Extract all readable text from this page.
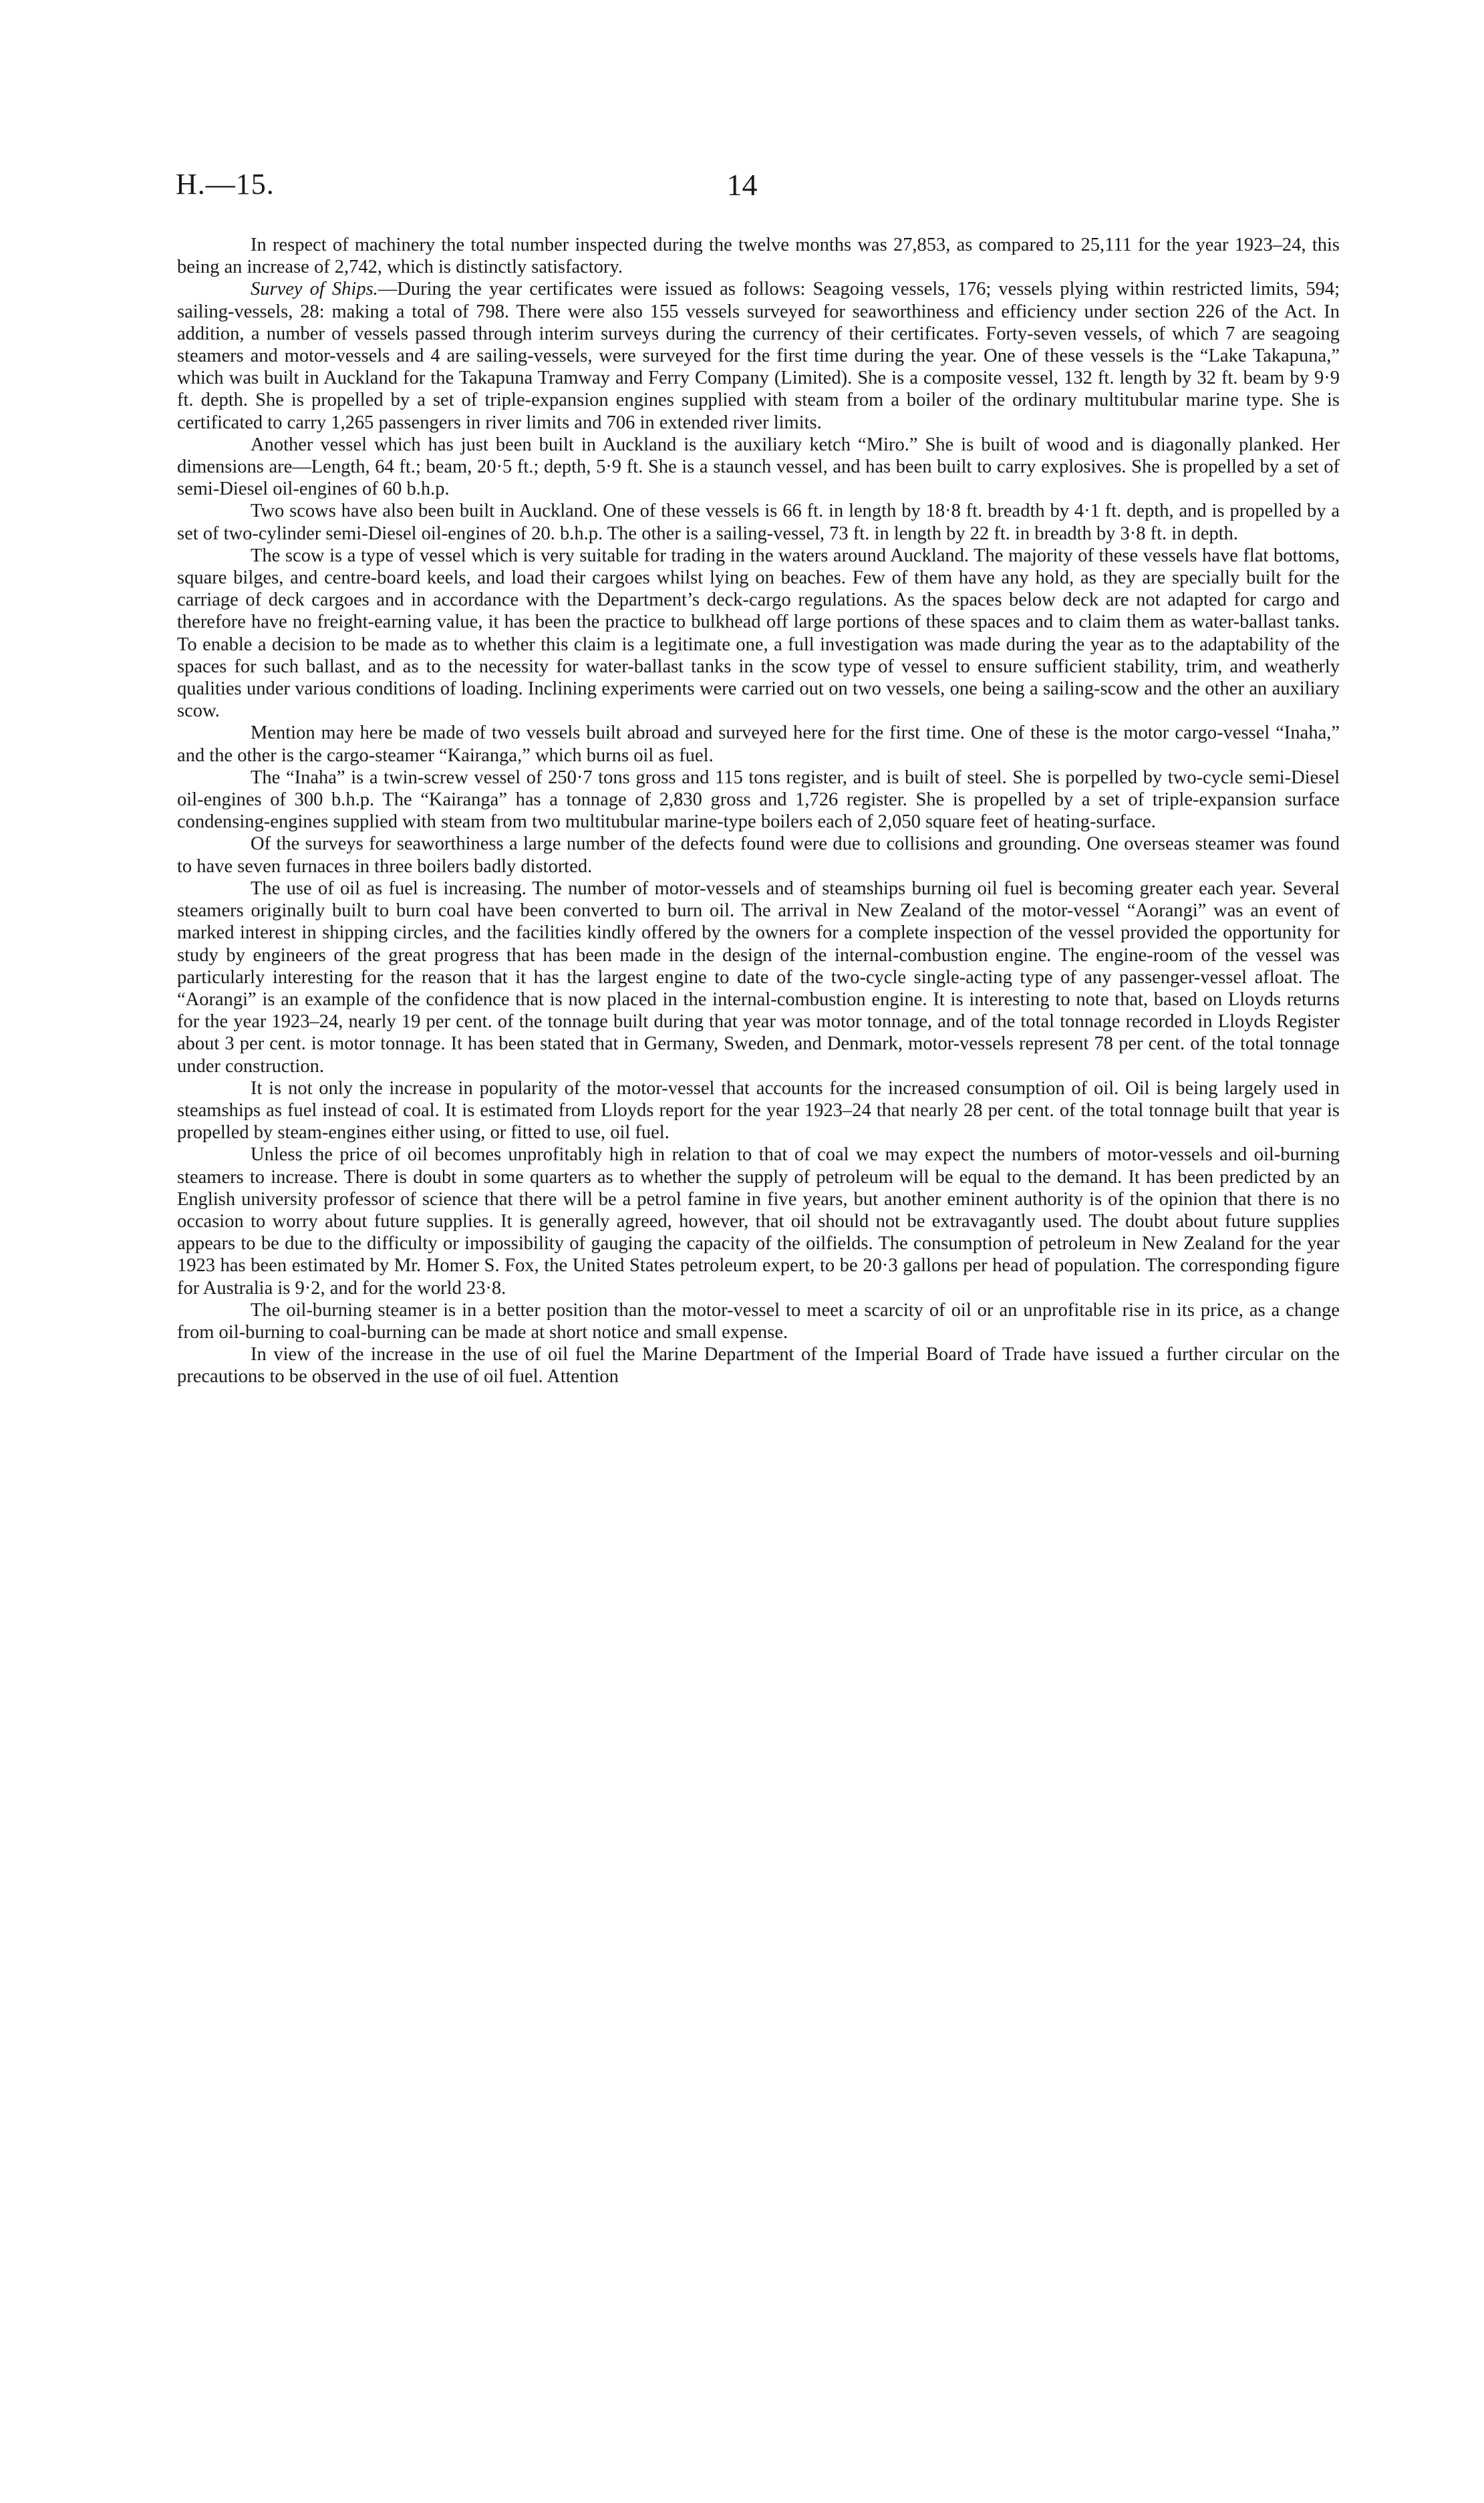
H.—15.	14

In respect of machinery the total number inspected during the twelve months was 27,853, as compared to 25,111 for the year 1923–24, this being an increase of 2,742, which is distinctly satisfactory.

Survey of Ships.—During the year certificates were issued as follows: Seagoing vessels, 176; vessels plying within restricted limits, 594; sailing-vessels, 28: making a total of 798. There were also 155 vessels surveyed for seaworthiness and efficiency under section 226 of the Act. In addition, a number of vessels passed through interim surveys during the currency of their certificates. Forty-seven vessels, of which 7 are seagoing steamers and motor-vessels and 4 are sailing-vessels, were surveyed for the first time during the year. One of these vessels is the “Lake Takapuna,” which was built in Auckland for the Takapuna Tramway and Ferry Company (Limited). She is a composite vessel, 132 ft. length by 32 ft. beam by 9·9 ft. depth. She is propelled by a set of triple-expansion engines supplied with steam from a boiler of the ordinary multitubular marine type. She is certificated to carry 1,265 passengers in river limits and 706 in extended river limits.

Another vessel which has just been built in Auckland is the auxiliary ketch “Miro.” She is built of wood and is diagonally planked. Her dimensions are—Length, 64 ft.; beam, 20·5 ft.; depth, 5·9 ft. She is a staunch vessel, and has been built to carry explosives. She is propelled by a set of semi-Diesel oil-engines of 60 b.h.p.

Two scows have also been built in Auckland. One of these vessels is 66 ft. in length by 18·8 ft. breadth by 4·1 ft. depth, and is propelled by a set of two-cylinder semi-Diesel oil-engines of 20. b.h.p. The other is a sailing-vessel, 73 ft. in length by 22 ft. in breadth by 3·8 ft. in depth.

The scow is a type of vessel which is very suitable for trading in the waters around Auckland. The majority of these vessels have flat bottoms, square bilges, and centre-board keels, and load their cargoes whilst lying on beaches. Few of them have any hold, as they are specially built for the carriage of deck cargoes and in accordance with the Department’s deck-cargo regulations. As the spaces below deck are not adapted for cargo and therefore have no freight-earning value, it has been the practice to bulkhead off large portions of these spaces and to claim them as water-ballast tanks. To enable a decision to be made as to whether this claim is a legitimate one, a full investigation was made during the year as to the adaptability of the spaces for such ballast, and as to the necessity for water-ballast tanks in the scow type of vessel to ensure sufficient stability, trim, and weatherly qualities under various conditions of loading. Inclining experiments were carried out on two vessels, one being a sailing-scow and the other an auxiliary scow.

Mention may here be made of two vessels built abroad and surveyed here for the first time. One of these is the motor cargo-vessel “Inaha,” and the other is the cargo-steamer “Kairanga,” which burns oil as fuel.

The “Inaha” is a twin-screw vessel of 250·7 tons gross and 115 tons register, and is built of steel. She is porpelled by two-cycle semi-Diesel oil-engines of 300 b.h.p. The “Kairanga” has a tonnage of 2,830 gross and 1,726 register. She is propelled by a set of triple-expansion surface condensing-engines supplied with steam from two multitubular marine-type boilers each of 2,050 square feet of heating-surface.

Of the surveys for seaworthiness a large number of the defects found were due to collisions and grounding. One overseas steamer was found to have seven furnaces in three boilers badly distorted.

The use of oil as fuel is increasing. The number of motor-vessels and of steamships burning oil fuel is becoming greater each year. Several steamers originally built to burn coal have been converted to burn oil. The arrival in New Zealand of the motor-vessel “Aorangi” was an event of marked interest in shipping circles, and the facilities kindly offered by the owners for a complete inspection of the vessel provided the opportunity for study by engineers of the great progress that has been made in the design of the internal-combustion engine. The engine-room of the vessel was particularly interesting for the reason that it has the largest engine to date of the two-cycle single-acting type of any passenger-vessel afloat. The “Aorangi” is an example of the confidence that is now placed in the internal-combustion engine. It is interesting to note that, based on Lloyds returns for the year 1923–24, nearly 19 per cent. of the tonnage built during that year was motor tonnage, and of the total tonnage recorded in Lloyds Register about 3 per cent. is motor tonnage. It has been stated that in Germany, Sweden, and Denmark, motor-vessels represent 78 per cent. of the total tonnage under construction.

It is not only the increase in popularity of the motor-vessel that accounts for the increased consumption of oil. Oil is being largely used in steamships as fuel instead of coal. It is estimated from Lloyds report for the year 1923–24 that nearly 28 per cent. of the total tonnage built that year is propelled by steam-engines either using, or fitted to use, oil fuel.

Unless the price of oil becomes unprofitably high in relation to that of coal we may expect the numbers of motor-vessels and oil-burning steamers to increase. There is doubt in some quarters as to whether the supply of petroleum will be equal to the demand. It has been predicted by an English university professor of science that there will be a petrol famine in five years, but another eminent authority is of the opinion that there is no occasion to worry about future supplies. It is generally agreed, however, that oil should not be extravagantly used. The doubt about future supplies appears to be due to the difficulty or impossibility of gauging the capacity of the oilfields. The consumption of petroleum in New Zealand for the year 1923 has been estimated by Mr. Homer S. Fox, the United States petroleum expert, to be 20·3 gallons per head of population. The corresponding figure for Australia is 9·2, and for the world 23·8.

The oil-burning steamer is in a better position than the motor-vessel to meet a scarcity of oil or an unprofitable rise in its price, as a change from oil-burning to coal-burning can be made at short notice and small expense.

In view of the increase in the use of oil fuel the Marine Department of the Imperial Board of Trade have issued a further circular on the precautions to be observed in the use of oil fuel. Attention
